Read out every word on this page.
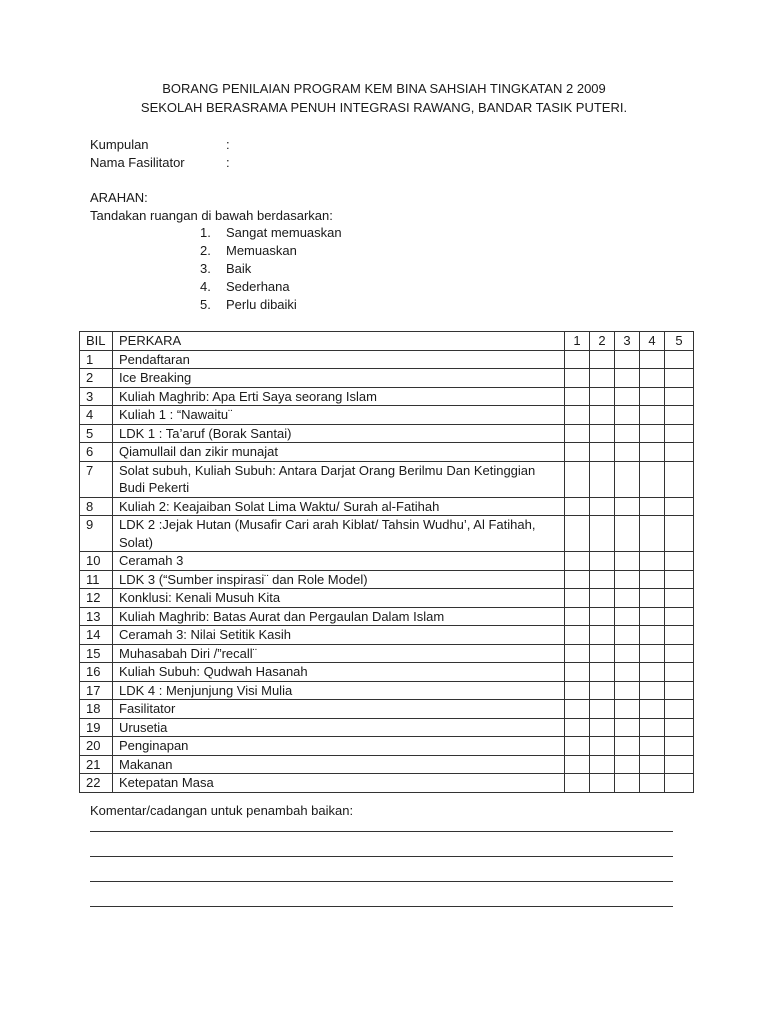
BORANG PENILAIAN PROGRAM KEM BINA SAHSIAH TINGKATAN 2 2009
SEKOLAH BERASRAMA PENUH INTEGRASI RAWANG, BANDAR TASIK PUTERI.
Kumpulan	:
Nama Fasilitator	:
ARAHAN:
Tandakan ruangan di bawah berdasarkan:
1.	Sangat memuaskan
2.	Memuaskan
3.	Baik
4.	Sederhana
5.	Perlu dibaiki
BIL	PERKARA	1	2	3	4	5
1	Pendaftaran					
2	Ice Breaking					
3	Kuliah Maghrib: Apa Erti Saya seorang Islam					
4	Kuliah 1 : “Nawaitu¨					
5	LDK 1 : Ta’aruf (Borak Santai)					
6	Qiamullail dan zikir munajat					
7	Solat subuh, Kuliah Subuh: Antara Darjat Orang Berilmu Dan Ketinggian Budi Pekerti					
8	Kuliah 2: Keajaiban Solat Lima Waktu/ Surah al-Fatihah					
9	LDK 2 :Jejak Hutan (Musafir Cari arah Kiblat/ Tahsin Wudhu’, Al Fatihah, Solat)					
10	Ceramah 3					
11	LDK 3 (“Sumber inspirasi¨ dan Role Model)					
12	Konklusi: Kenali Musuh Kita					
13	Kuliah Maghrib: Batas Aurat dan Pergaulan Dalam Islam					
14	Ceramah 3: Nilai Setitik Kasih					
15	Muhasabah Diri /”recall¨					
16	Kuliah Subuh: Qudwah Hasanah					
17	LDK 4 : Menjunjung Visi Mulia					
18	Fasilitator					
19	Urusetia					
20	Penginapan					
21	Makanan					
22	Ketepatan Masa					
Komentar/cadangan untuk penambah baikan:
